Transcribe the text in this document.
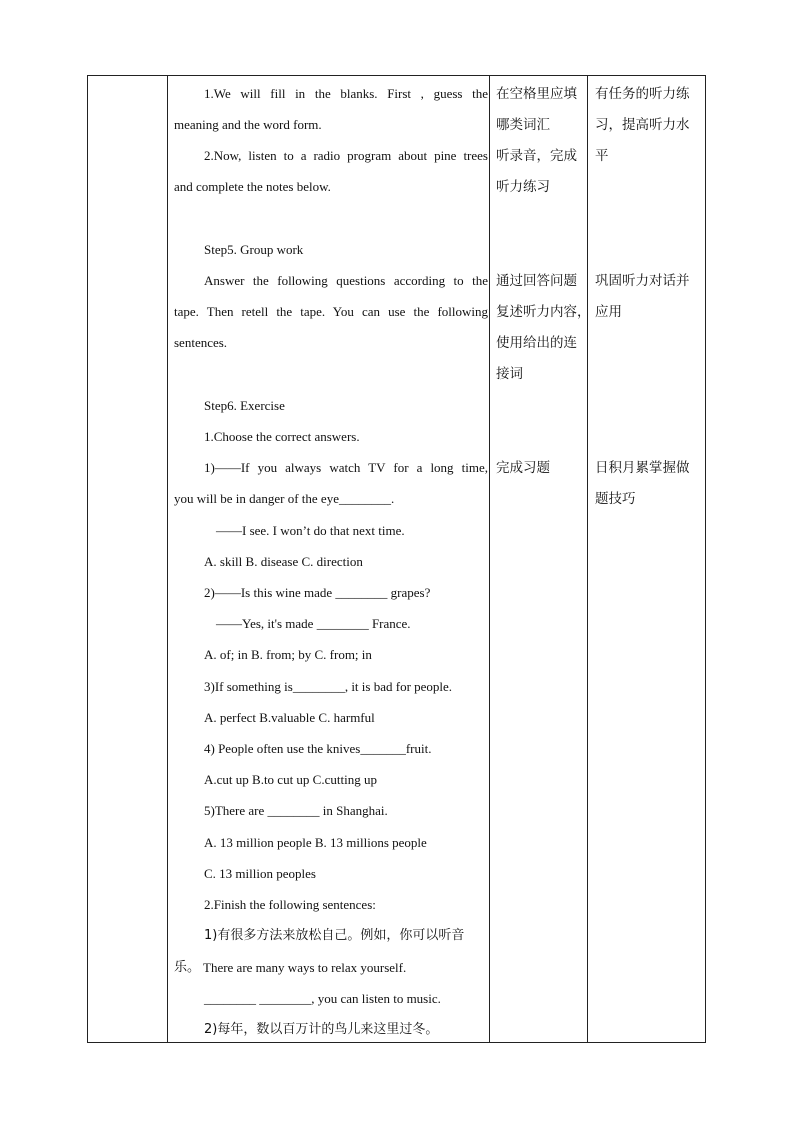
1.We will fill in the blanks. First , guess the
meaning and the word form.
2.Now, listen to a radio program about pine trees
and complete the notes below.
Step5. Group work
Answer the following questions according to the
tape. Then retell the tape. You can use the following
sentences.
Step6. Exercise
1.Choose the correct answers.
1)——If you always watch TV for a long time,
you will be in danger of the eye________.
——I see. I won’t do that next time.
A. skill B. disease C. direction
2)——Is this wine made ________ grapes?
——Yes, it's made ________ France.
A. of; in B. from; by C. from; in
3)If something is________, it is bad for people.
A. perfect B.valuable C. harmful
4) People often use the knives_______fruit.
A.cut up B.to cut up C.cutting up
5)There are ________ in Shanghai.
A. 13 million people B. 13 millions people
C. 13 million peoples
2.Finish the following sentences:
1)有很多方法来放松自己。例如，你可以听音
乐。 There are many ways to relax yourself.
________ ________, you can listen to music.
2)每年，数以百万计的鸟儿来这里过冬。
在空格里应填
哪类词汇
听录音，完成
听力练习
通过回答问题
复述听力内容，
使用给出的连
接词
完成习题
有任务的听力练
习，提高听力水
平
巩固听力对话并
应用
日积月累掌握做
题技巧
